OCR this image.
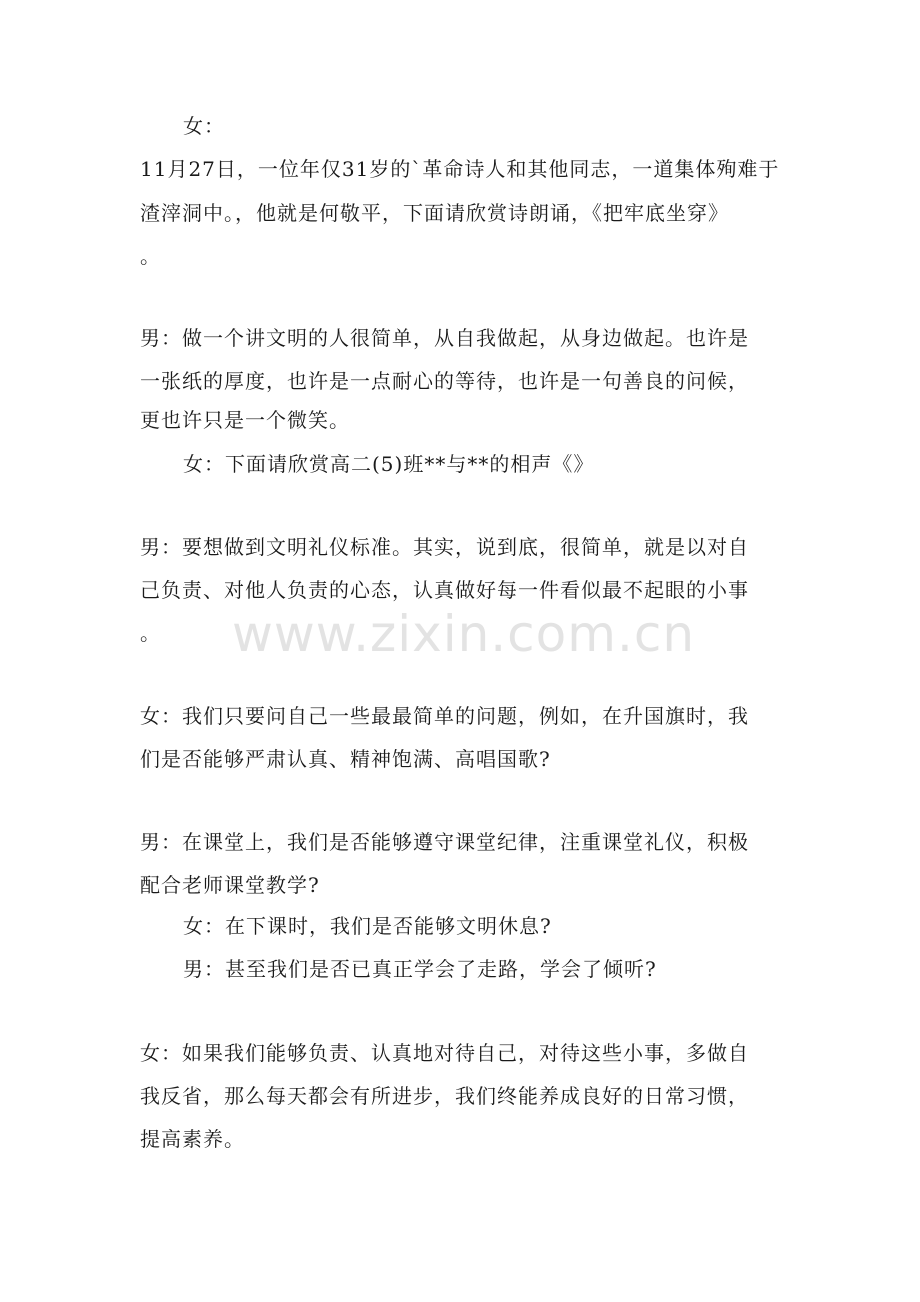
www.zixin.com.cn
女：
11月27日，一位年仅31岁的`革命诗人和其他同志，一道集体殉难于
渣滓洞中。，他就是何敬平，下面请欣赏诗朗诵，《把牢底坐穿》
。
男：做一个讲文明的人很简单，从自我做起，从身边做起。也许是
一张纸的厚度，也许是一点耐心的等待，也许是一句善良的问候，
更也许只是一个微笑。
女：下面请欣赏高二(5)班**与**的相声《》
男：要想做到文明礼仪标准。其实，说到底，很简单，就是以对自
己负责、对他人负责的心态，认真做好每一件看似最不起眼的小事
。
女：我们只要问自己一些最最简单的问题，例如，在升国旗时，我
们是否能够严肃认真、精神饱满、高唱国歌?
男：在课堂上，我们是否能够遵守课堂纪律，注重课堂礼仪，积极
配合老师课堂教学?
女：在下课时，我们是否能够文明休息?
男：甚至我们是否已真正学会了走路，学会了倾听?
女：如果我们能够负责、认真地对待自己，对待这些小事，多做自
我反省，那么每天都会有所进步，我们终能养成良好的日常习惯，
提高素养。
